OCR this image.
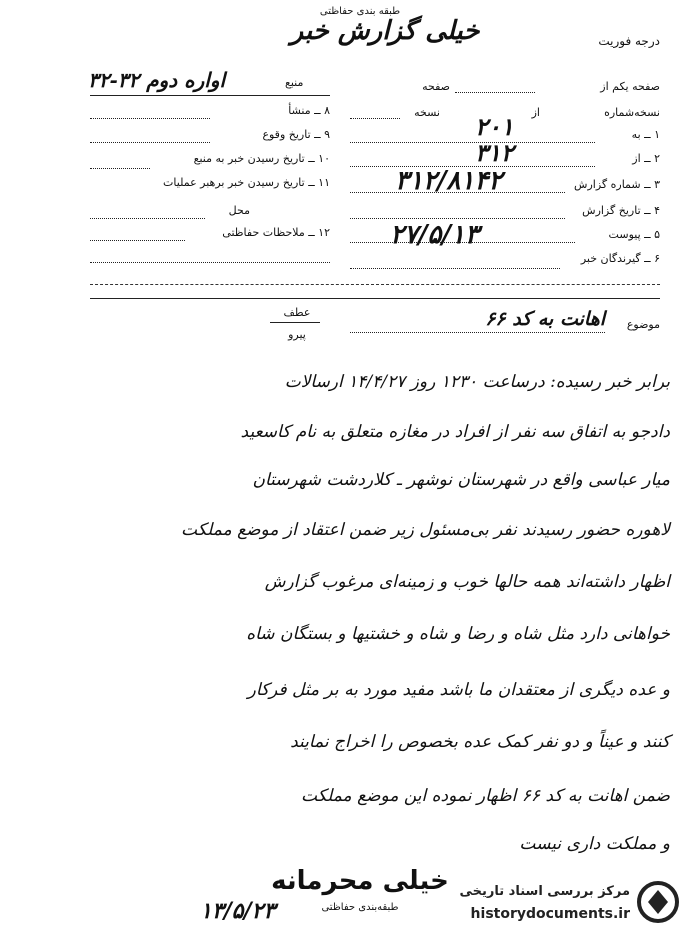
طبقه بندی حفاظتی
خیلی گزارش خبر	درجه فوریت
اواره دوم ۳۲-۳۲	منبع
۸ ــ منشأ
۹ ــ تاریخ وقوع
۱۰ ــ تاریخ رسیدن خبر به منبع
۱۱ ــ تاریخ رسیدن خبر برهبر عملیات
محل
۱۲ ــ ملاحظات حفاظتی
صفحه یکم از
صفحه
نسخه‌شماره
از
نسخه
۱ ــ به
۲۰۱
۲ ــ از
۳۱۲
۳ ــ شماره گزارش
۳۱۲/۸۱۴۲
۴ ــ تاریخ گزارش
۵ ــ پیوست
۲۷/۵/۱۳
۶ ــ گیرندگان خبر
عطف
پیرو
موضوع
اهانت به کد ۶۶
برابر خبر رسیده: درساعت ۱۲۳۰ روز ۱۴/۴/۲۷ ارسالات
دادجو به اتفاق سه نفر از افراد در مغازه متعلق به نام کاسعید
میار عباسی واقع در شهرستان نوشهر ـ کلاردشت شهرستان
لاهوره حضور رسیدند نفر بی‌مسئول زیر ضمن اعتقاد از موضع مملکت
اظهار داشته‌اند همه حالها خوب و زمینه‌ای مرغوب گزارش
خواهانی دارد مثل شاه و رضا و شاه و خشتیها و بستگان شاه
و عده دیگری از معتقدان ما باشد مفید مورد به بر مثل فرکار
کنند و عیناً و دو نفر کمک عده بخصوص را اخراج نمایند
ضمن اهانت به کد ۶۶ اظهار نموده این موضع مملکت
و مملکت داری نیست
خیلی محرمانه
طبقه‌بندی حفاظتی
۱۳/۵/۲۳
مرکز بررسی اسناد تاریخی
historydocuments.ir
